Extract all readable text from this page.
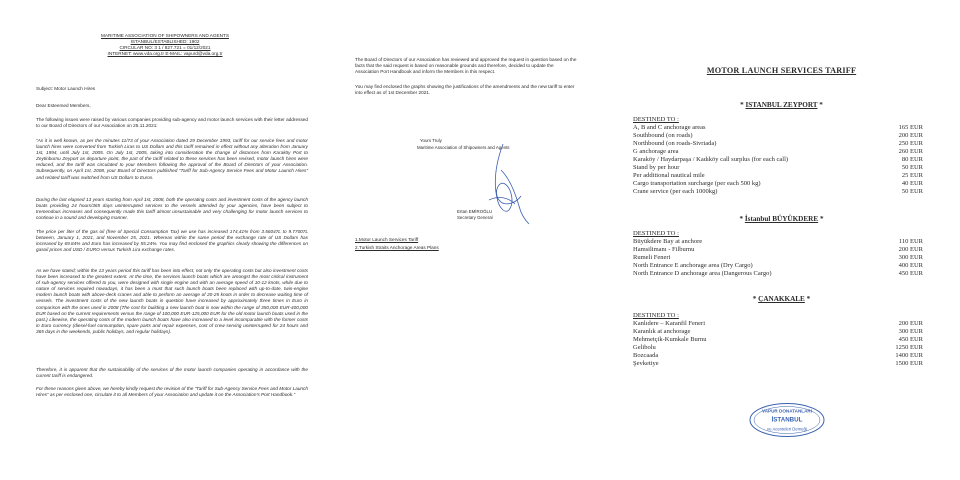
MARITIME ASSOCIATION OF SHIPOWNERS AND AGENTS
ISTANBUL/ESTABLISHED: 1902
CIRCULAR NO: 3 1 / 827.721 = 01/12/2021
INTERNET: www.vda.org.tr E-MAIL: vapurd@vda.org.tr
Subject: Motor Launch Hires
Dear Esteemed Members,
The following issues were raised by various companies providing sub-agency and motor launch services with their letter addressed to our Board of Directors of our Association on 25.11.2021:
"As it is well known, as per the minutes 11/73 of your Association dated 29 December 1993, tariff for our service fees and motor launch hires were converted from Turkish Liras to US Dollars and this tariff remained in effect without any alteration from January 1st, 1994, until July 1st, 2005. On July 1st, 2005, taking into consideration the change of distances from Karaköy Port to Zeytinburnu Zeyport as departure point, the part of the tariff related to these services has been revised, motor launch hires were reduced, and the tariff was circulated to your Members following the approval of the Board of Directors of your Association. Subsequently, on April 1st, 2008, your Board of Directors published "Tariff for Sub-Agency Service Fees and Motor Launch Hires" and related tariff was switched from US Dollars to Euros.
During the last elapsed 13 years starting from April 1st, 2008, both the operating costs and investment costs of the agency launch boats providing 24 hours/365 days uninterrupted services to the vessels attended by your agencies, have been subject to tremendous increases and consequently made this tariff almost unsustainable and very challenging for motor launch services to continue in a sound and developing manner.
The price per liter of the gas oil (free of Special Consumption Tax) we use has increased 174,41% from 3.56047L to 9.77007L between, January 1, 2021, and November 25, 2021. Whereas within the same period the exchange rate of US Dollars has increased by 69.84% and Euro has increased by 55.24%. You may find enclosed the graphics clearly showing the differences on gasoil prices and USD / EURO versus Turkish Lira exchange rates.
As we have stated; within the 13 years period this tariff has been into effect, not only the operating costs but also investment costs have been increased to the greatest extent. At the time, the services launch boats which are amongst the most critical instrument of sub-agency services offered to you, were designed with single engine and with an average speed of 10-12 knots, while due to nature of services required nowadays, it has been a must that such launch boats been replaced with up-to-date, twin-engine modern launch boats with above-deck cranes and able to perform an average of 20-25 knots in order to decrease waiting time of vessels. The investment costs of the new launch boats in question have increased by approximately three times in Euro in comparison with the ones used in 2008 (The cost for building a new launch boat is now within the range of 350,000 EUR-400,000 EUR based on the current requirements versus the range of 100,000 EUR-125,000 EUR for the old motor launch boats used in the past.) Likewise, the operating costs of the modern launch boats have also increased to a level incomparable with the former costs in Euro currency (diesel-fuel consumption, spare parts and repair expenses, cost of crew serving uninterrupted for 24 hours and 365 days in the weekends, public holidays, and regular holidays).
Therefore, it is apparent that the sustainability of the services of the motor launch companies operating in accordance with the current tariff is endangered.
For these reasons given above, we hereby kindly request the revision of the "Tariff for Sub-Agency Service Fees and Motor Launch Hires" as per enclosed one, circulate it to all Members of your Association and update it on the Association's Port Handbook."
The Board of Directors of our Association has reviewed and approved the request in question based on the facts that the said request is based on reasonable grounds and therefore, decided to update the Association Port Handbook and inform the Members in this respect.
You may find enclosed the graphs showing the justifications of the amendments and the new tariff to enter into effect as of 1st December 2021.
Yours Truly
Maritime Association of Shipowners and Agents
Ertan EMİROĞLU
Secretary General
1.Motor Launch Services Tariff
2.Turkish Straits Anchorage Areas Plans
MOTOR LAUNCH SERVICES TARIFF
* ISTANBUL ZEYPORT *
DESTINED TO :
A, B and C anchorage areas	165 EUR
Southbound (on roads)	200 EUR
Northbound (on roads-Sivriada)	250 EUR
G anchorage area	260 EUR
Karaköy / Haydarpaşa / Kadıköy call surplus (for each call)	80 EUR
Stand by per hour	50 EUR
Per additional nautical mile	25 EUR
Cargo transportation surcharge (per each 500 kg)	40 EUR
Crane service (per each 1000kg)	50 EUR
* İstanbul BÜYÜKDERE *
DESTINED TO :
Büyükdere Bay at anchore	110 EUR
Hamsilimanı - Filburnu	200 EUR
Rumeli Feneri	300 EUR
North Entrance E anchorage area (Dry Cargo)	400 EUR
North Entrance D anchorage area (Dangerous Cargo)	450 EUR
* ÇANAKKALE *
DESTINED TO :
Kanlıdere – Karanfil Feneri	200 EUR
Karanlık at anchorage	300 EUR
Mehmetçik-Kumkale Burnu	450 EUR
Gelibolu	1250 EUR
Bozcaada	1400 EUR
Şevketiye	1500 EUR
VAPUR DONATANLARI
İSTANBUL
ve Acenteleri Derneği
